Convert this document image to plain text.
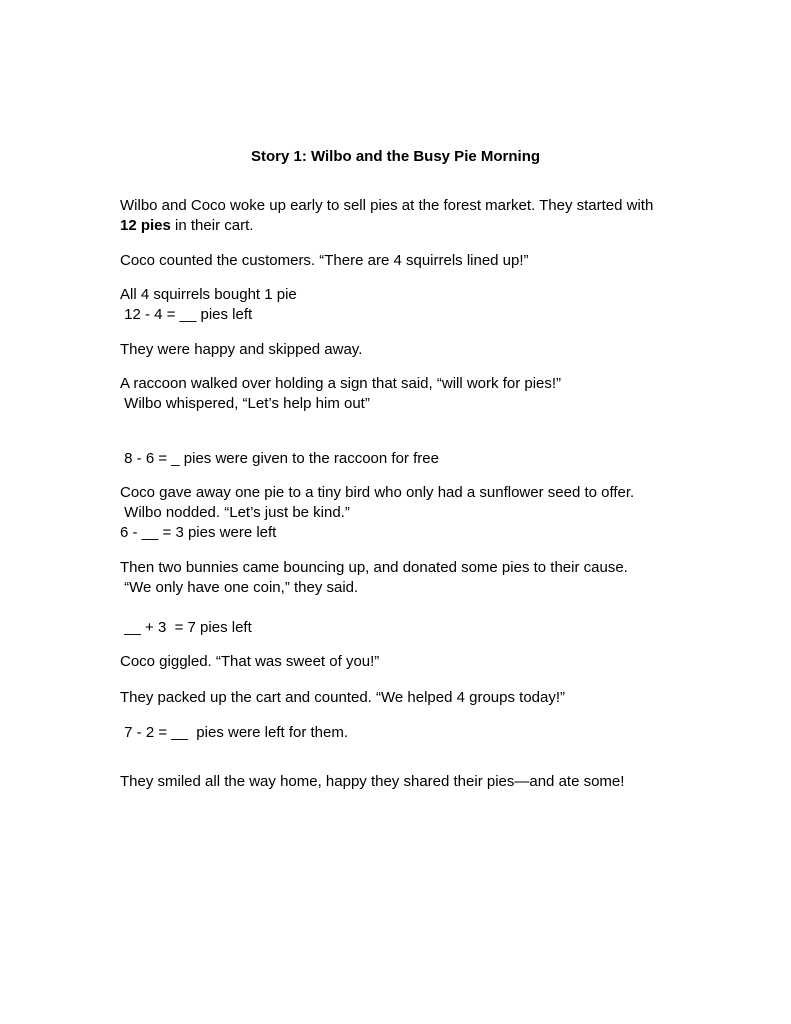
Story 1: Wilbo and the Busy Pie Morning
Wilbo and Coco woke up early to sell pies at the forest market. They started with
12 pies in their cart.
Coco counted the customers. “There are 4 squirrels lined up!”
All 4 squirrels bought 1 pie
12 - 4 = __ pies left
They were happy and skipped away.
A raccoon walked over holding a sign that said, “will work for pies!”
Wilbo whispered, “Let’s help him out”
8 - 6 = _ pies were given to the raccoon for free
Coco gave away one pie to a tiny bird who only had a sunflower seed to offer.
Wilbo nodded. “Let’s just be kind.”
6 - __ = 3 pies were left
Then two bunnies came bouncing up, and donated some pies to their cause.
“We only have one coin,” they said.
__ + 3  = 7 pies left
Coco giggled. “That was sweet of you!”
They packed up the cart and counted. “We helped 4 groups today!”
7 - 2 = __  pies were left for them.
They smiled all the way home, happy they shared their pies—and ate some!
